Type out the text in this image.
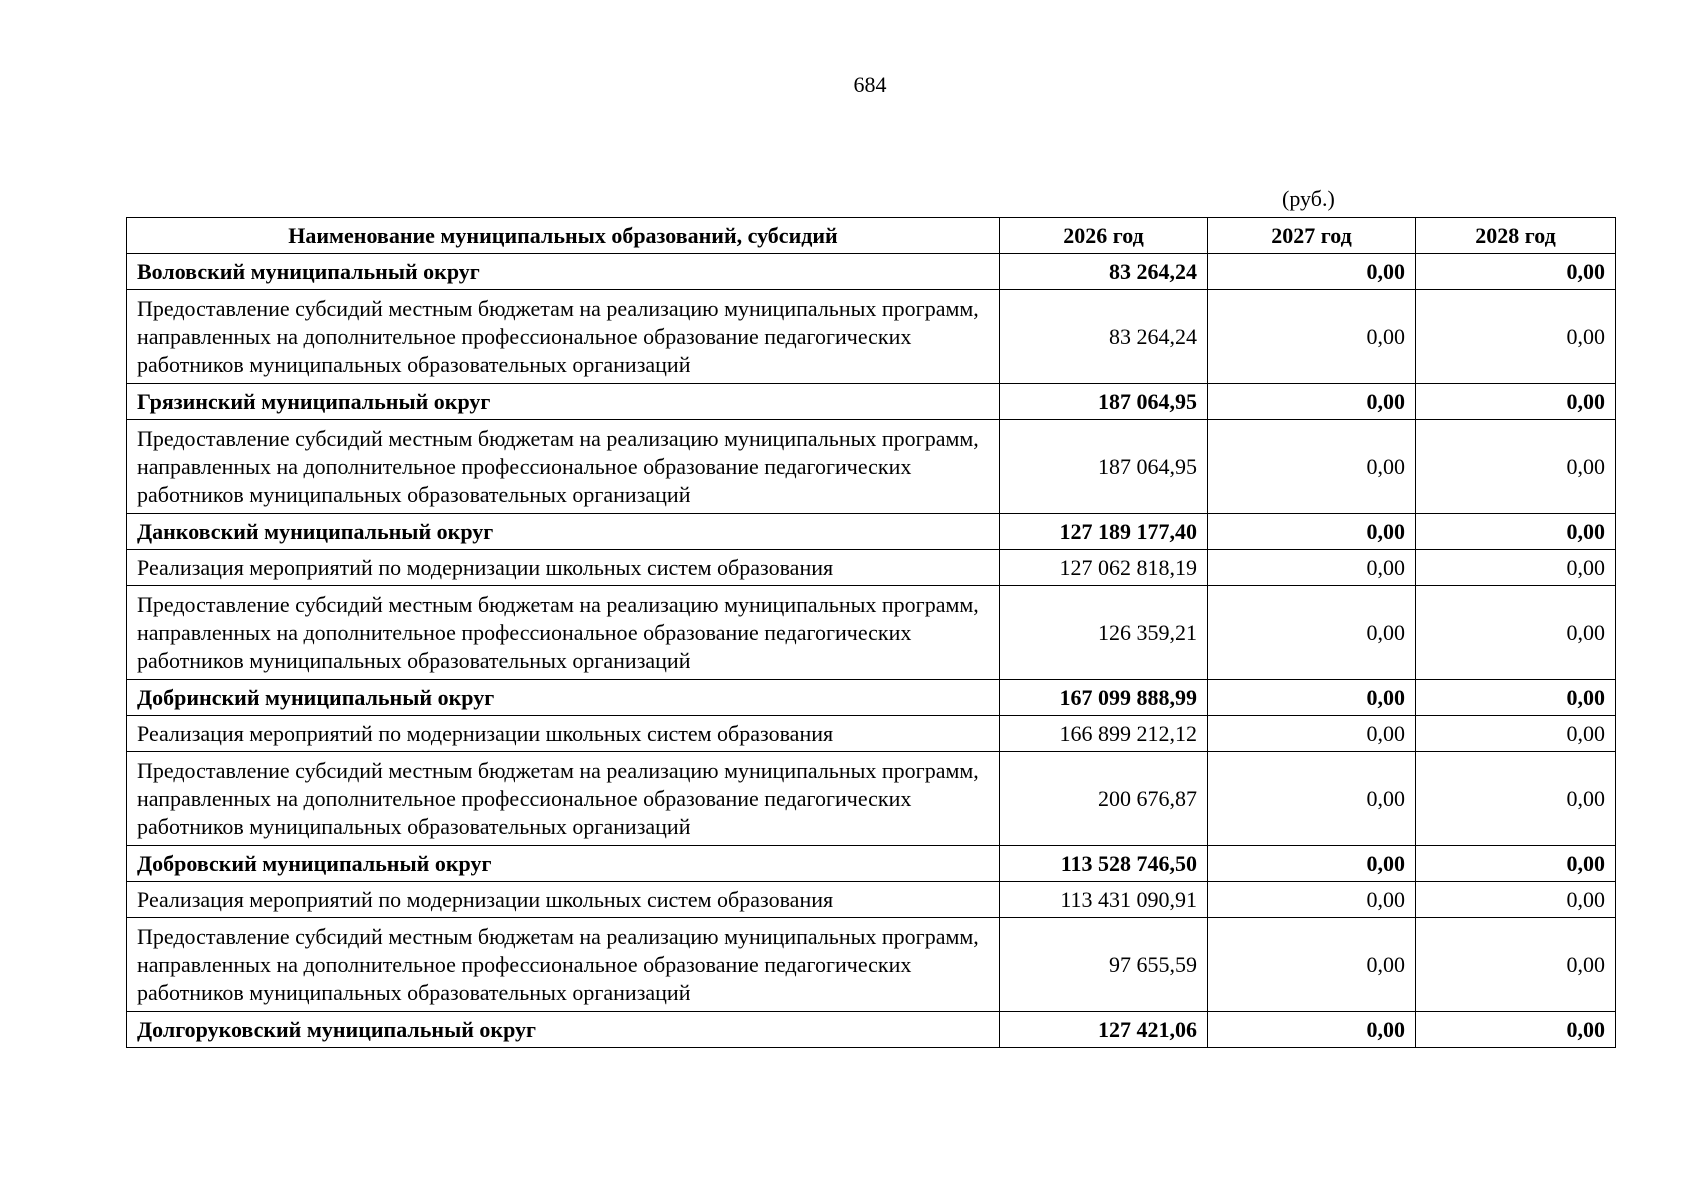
684
(руб.)
Наименование муниципальных образований, субсидий	2026 год	2027 год	2028 год
Воловский муниципальный округ	83 264,24	0,00	0,00
Предоставление субсидий местным бюджетам на реализацию муниципальных программ, направленных на дополнительное профессиональное образование педагогических работников муниципальных образовательных организаций	83 264,24	0,00	0,00
Грязинский муниципальный округ	187 064,95	0,00	0,00
Предоставление субсидий местным бюджетам на реализацию муниципальных программ, направленных на дополнительное профессиональное образование педагогических работников муниципальных образовательных организаций	187 064,95	0,00	0,00
Данковский муниципальный округ	127 189 177,40	0,00	0,00
Реализация мероприятий по модернизации школьных систем образования	127 062 818,19	0,00	0,00
Предоставление субсидий местным бюджетам на реализацию муниципальных программ, направленных на дополнительное профессиональное образование педагогических работников муниципальных образовательных организаций	126 359,21	0,00	0,00
Добринский муниципальный округ	167 099 888,99	0,00	0,00
Реализация мероприятий по модернизации школьных систем образования	166 899 212,12	0,00	0,00
Предоставление субсидий местным бюджетам на реализацию муниципальных программ, направленных на дополнительное профессиональное образование педагогических работников муниципальных образовательных организаций	200 676,87	0,00	0,00
Добровский муниципальный округ	113 528 746,50	0,00	0,00
Реализация мероприятий по модернизации школьных систем образования	113 431 090,91	0,00	0,00
Предоставление субсидий местным бюджетам на реализацию муниципальных программ, направленных на дополнительное профессиональное образование педагогических работников муниципальных образовательных организаций	97 655,59	0,00	0,00
Долгоруковский муниципальный округ	127 421,06	0,00	0,00
